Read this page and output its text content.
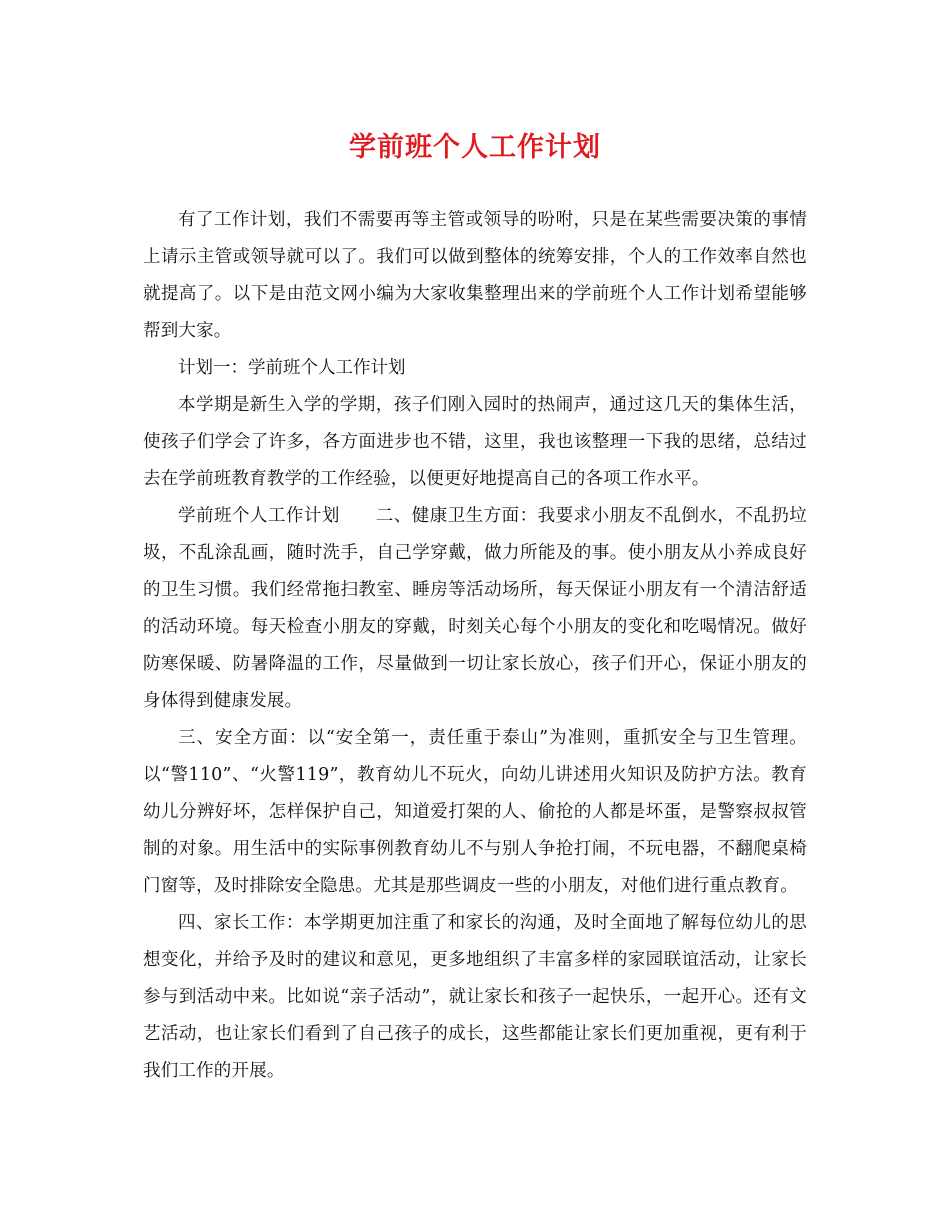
学前班个人工作计划

有了工作计划，我们不需要再等主管或领导的吩咐，只是在某些需要决策的事情上请示主管或领导就可以了。我们可以做到整体的统筹安排，个人的工作效率自然也就提高了。以下是由范文网小编为大家收集整理出来的学前班个人工作计划希望能够帮到大家。

计划一：学前班个人工作计划

本学期是新生入学的学期，孩子们刚入园时的热闹声，通过这几天的集体生活，使孩子们学会了许多，各方面进步也不错，这里，我也该整理一下我的思绪，总结过去在学前班教育教学的工作经验，以便更好地提高自己的各项工作水平。

学前班个人工作计划　　二、健康卫生方面：我要求小朋友不乱倒水，不乱扔垃圾，不乱涂乱画，随时洗手，自己学穿戴，做力所能及的事。使小朋友从小养成良好的卫生习惯。我们经常拖扫教室、睡房等活动场所，每天保证小朋友有一个清洁舒适的活动环境。每天检查小朋友的穿戴，时刻关心每个小朋友的变化和吃喝情况。做好防寒保暖、防暑降温的工作，尽量做到一切让家长放心，孩子们开心，保证小朋友的身体得到健康发展。

三、安全方面：以“安全第一，责任重于泰山”为准则，重抓安全与卫生管理。以“警110”、“火警119”，教育幼儿不玩火，向幼儿讲述用火知识及防护方法。教育幼儿分辨好坏，怎样保护自己，知道爱打架的人、偷抢的人都是坏蛋，是警察叔叔管制的对象。用生活中的实际事例教育幼儿不与别人争抢打闹，不玩电器，不翻爬桌椅门窗等，及时排除安全隐患。尤其是那些调皮一些的小朋友，对他们进行重点教育。

四、家长工作：本学期更加注重了和家长的沟通，及时全面地了解每位幼儿的思想变化，并给予及时的建议和意见，更多地组织了丰富多样的家园联谊活动，让家长参与到活动中来。比如说“亲子活动”，就让家长和孩子一起快乐，一起开心。还有文艺活动，也让家长们看到了自己孩子的成长，这些都能让家长们更加重视，更有利于我们工作的开展。
